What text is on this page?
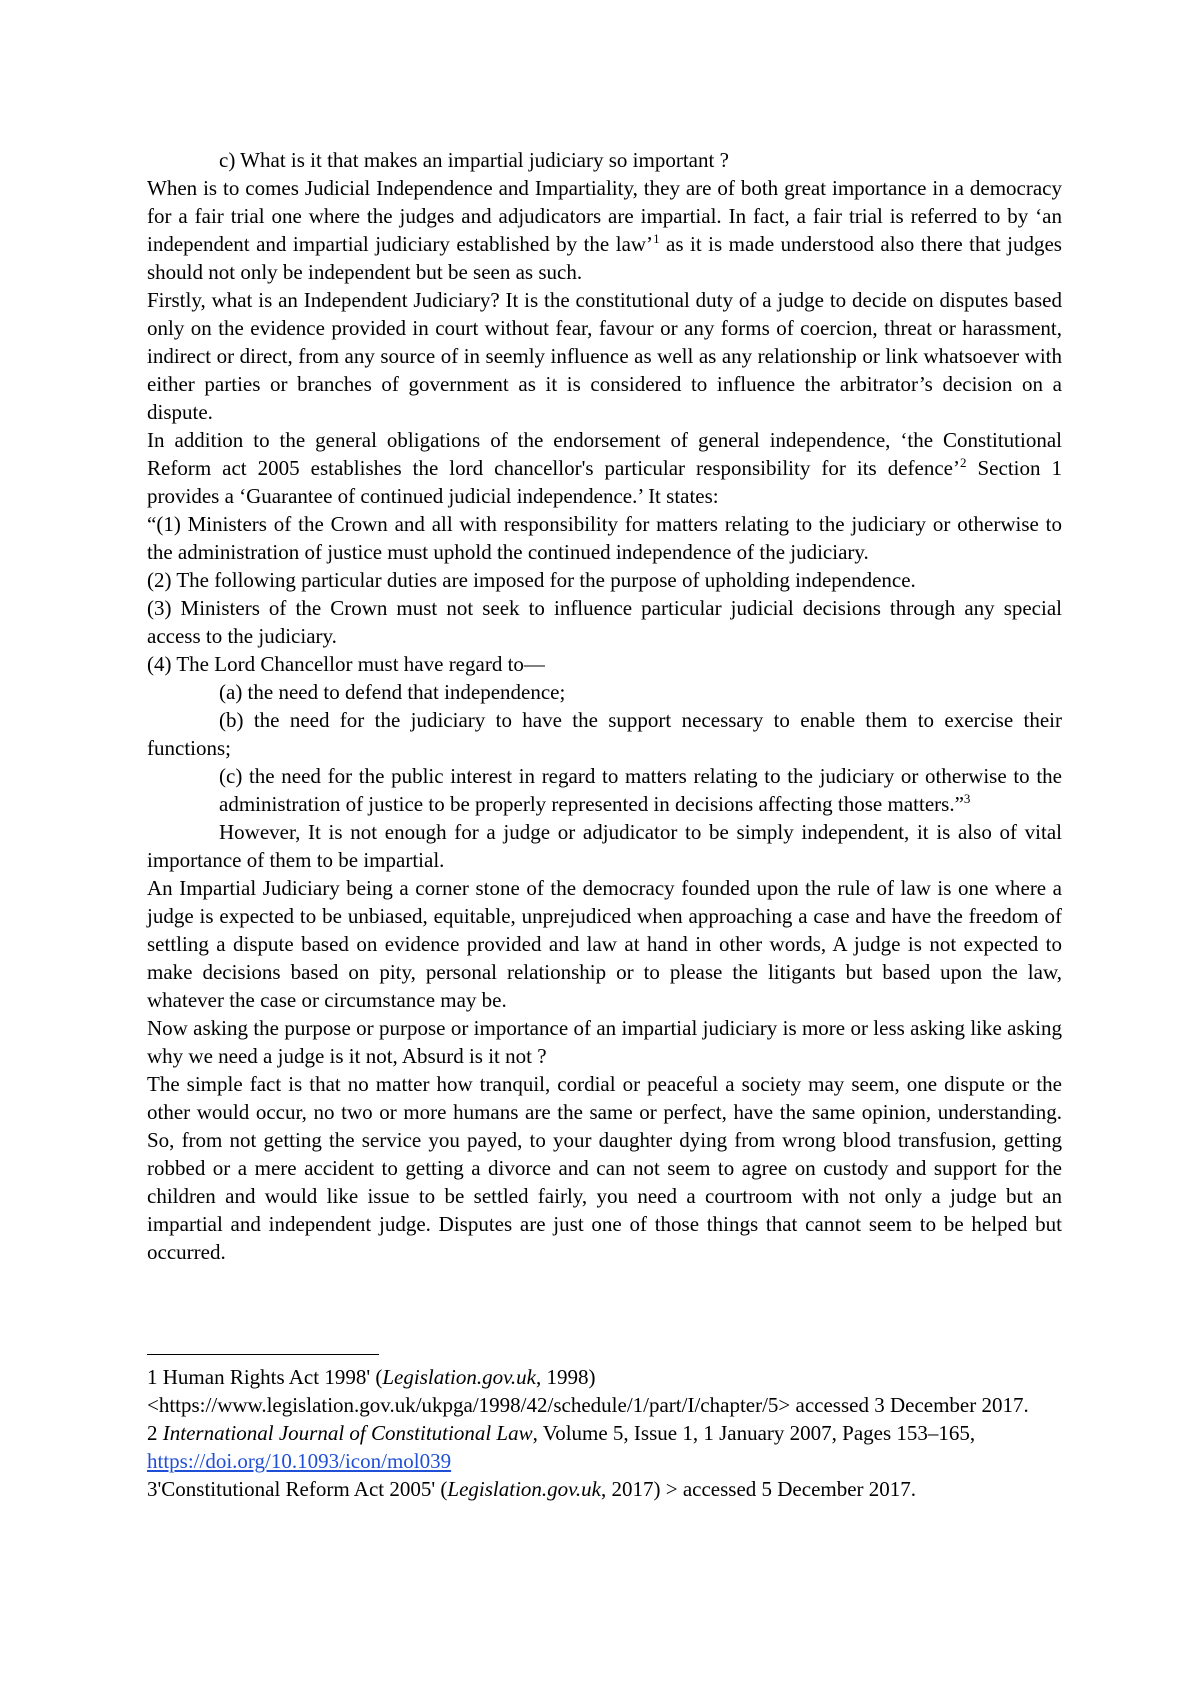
c) What is it that makes an impartial judiciary so important ?

When is to comes Judicial Independence and Impartiality, they are of both great importance in a democracy for a fair trial one where the judges and adjudicators are impartial. In fact, a fair trial is referred to by ‘an independent and impartial judiciary established by the law’$^1$ as it is made understood also there that judges should not only be independent but be seen as such.

Firstly, what is an Independent Judiciary? It is the constitutional duty of a judge to decide on disputes based only on the evidence provided in court without fear, favour or any forms of coercion, threat or harassment, indirect or direct, from any source of in seemly influence as well as any relationship or link whatsoever with either parties or branches of government as it is considered to influence the arbitrator’s decision on a dispute.

In addition to the general obligations of the endorsement of general independence, ‘the Constitutional Reform act 2005 establishes the lord chancellor's particular responsibility for its defence’$^2$ Section 1 provides a ‘Guarantee of continued judicial independence.’ It states:

“(1) Ministers of the Crown and all with responsibility for matters relating to the judiciary or otherwise to the administration of justice must uphold the continued independence of the judiciary.

(2) The following particular duties are imposed for the purpose of upholding independence.

(3) Ministers of the Crown must not seek to influence particular judicial decisions through any special access to the judiciary.

(4) The Lord Chancellor must have regard to—

(a) the need to defend that independence;

(b) the need for the judiciary to have the support necessary to enable them to exercise their functions;

(c) the need for the public interest in regard to matters relating to the judiciary or otherwise to the administration of justice to be properly represented in decisions affecting those matters.”$^3$

However, It is not enough for a judge or adjudicator to be simply independent, it is also of vital importance of them to be impartial.

An Impartial Judiciary being a corner stone of the democracy founded upon the rule of law is one where a judge is expected to be unbiased, equitable, unprejudiced when approaching a case and have the freedom of settling a dispute based on evidence provided and law at hand in other words, A judge is not expected to make decisions based on pity, personal relationship or to please the litigants but based upon the law, whatever the case or circumstance may be.

Now asking the purpose or purpose or importance of an impartial judiciary is more or less asking like asking why we need a judge is it not, Absurd is it not ?

The simple fact is that no matter how tranquil, cordial or peaceful a society may seem, one dispute or the other would occur, no two or more humans are the same or perfect, have the same opinion, understanding. So, from not getting the service you payed, to your daughter dying from wrong blood transfusion, getting robbed or a mere accident to getting a divorce and can not seem to agree on custody and support for the children and would like issue to be settled fairly, you need a courtroom with not only a judge but an impartial and independent judge. Disputes are just one of those things that cannot seem to be helped but occurred.

1 Human Rights Act 1998' (Legislation.gov.uk, 1998)
<https://www.legislation.gov.uk/ukpga/1998/42/schedule/1/part/I/chapter/5> accessed 3 December 2017.

2 International Journal of Constitutional Law, Volume 5, Issue 1, 1 January 2007, Pages 153–165, https://doi.org/10.1093/icon/mol039

3'Constitutional Reform Act 2005' (Legislation.gov.uk, 2017) > accessed 5 December 2017.
